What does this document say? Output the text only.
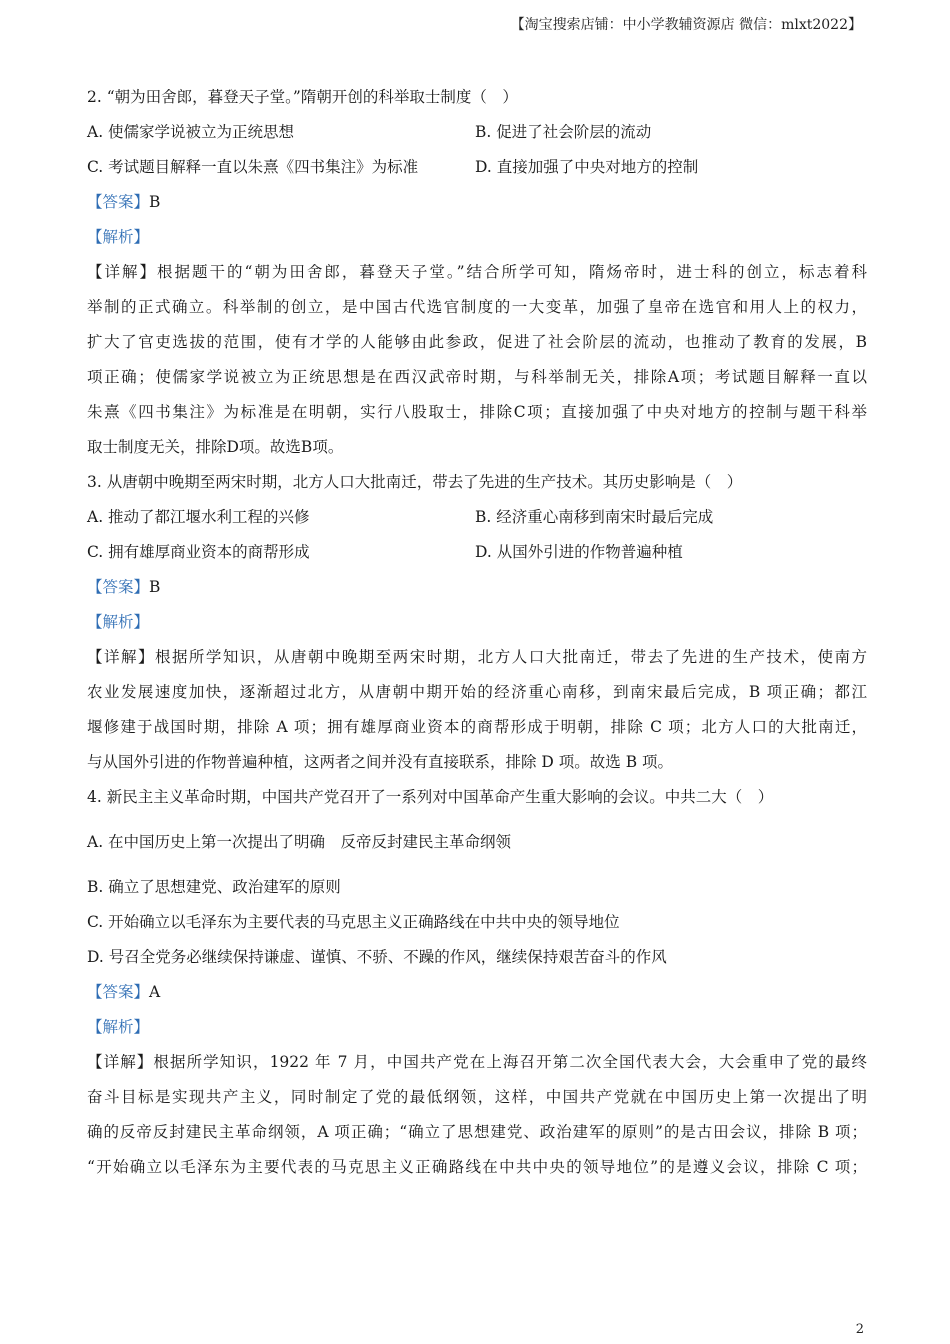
【淘宝搜索店铺：中小学教辅资源店 微信：mlxt2022】
2. “朝为田舍郎，暮登天子堂。”隋朝开创的科举取士制度（　）
A. 使儒家学说被立为正统思想	B. 促进了社会阶层的流动
C. 考试题目解释一直以朱熹《四书集注》为标准	D. 直接加强了中央对地方的控制
【答案】B
【解析】
【详解】根据题干的“朝为田舍郎，暮登天子堂。”结合所学可知，隋炀帝时，进士科的创立，标志着科
举制的正式确立。科举制的创立，是中国古代选官制度的一大变革，加强了皇帝在选官和用人上的权力，
扩大了官吏选拔的范围，使有才学的人能够由此参政，促进了社会阶层的流动，也推动了教育的发展，B
项正确；使儒家学说被立为正统思想是在西汉武帝时期，与科举制无关，排除A项；考试题目解释一直以
朱熹《四书集注》为标准是在明朝，实行八股取士，排除C项；直接加强了中央对地方的控制与题干科举
取士制度无关，排除D项。故选B项。
3. 从唐朝中晚期至两宋时期，北方人口大批南迁，带去了先进的生产技术。其历史影响是（　）
A. 推动了都江堰水利工程的兴修	B. 经济重心南移到南宋时最后完成
C. 拥有雄厚商业资本的商帮形成	D. 从国外引进的作物普遍种植
【答案】B
【解析】
【详解】根据所学知识，从唐朝中晚期至两宋时期，北方人口大批南迁，带去了先进的生产技术，使南方
农业发展速度加快，逐渐超过北方，从唐朝中期开始的经济重心南移，到南宋最后完成，B 项正确；都江
堰修建于战国时期，排除 A 项；拥有雄厚商业资本的商帮形成于明朝，排除 C 项；北方人口的大批南迁，
与从国外引进的作物普遍种植，这两者之间并没有直接联系，排除 D 项。故选 B 项。
4. 新民主主义革命时期，中国共产党召开了一系列对中国革命产生重大影响的会议。中共二大（　）
A. 在中国历史上第一次提出了明确　反帝反封建民主革命纲领
B. 确立了思想建党、政治建军的原则
C. 开始确立以毛泽东为主要代表的马克思主义正确路线在中共中央的领导地位
D. 号召全党务必继续保持谦虚、谨慎、不骄、不躁的作风，继续保持艰苦奋斗的作风
【答案】A
【解析】
【详解】根据所学知识，1922 年 7 月，中国共产党在上海召开第二次全国代表大会，大会重申了党的最终
奋斗目标是实现共产主义，同时制定了党的最低纲领，这样，中国共产党就在中国历史上第一次提出了明
确的反帝反封建民主革命纲领，A 项正确；“确立了思想建党、政治建军的原则”的是古田会议，排除 B 项；
“开始确立以毛泽东为主要代表的马克思主义正确路线在中共中央的领导地位”的是遵义会议，排除 C 项；
2
